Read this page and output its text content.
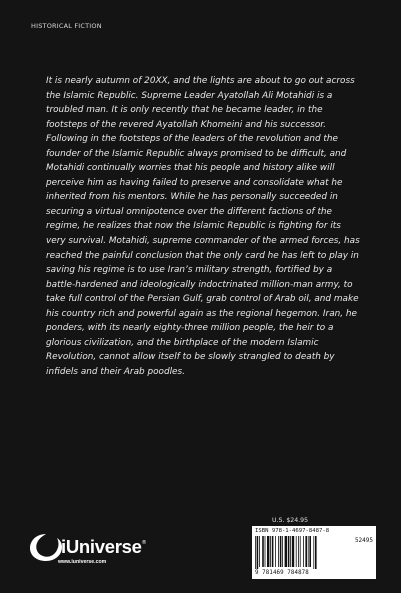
HISTORICAL FICTION

It is nearly autumn of 20XX, and the lights are about to go out across the Islamic Republic. Supreme Leader Ayatollah Ali Motahidi is a troubled man. It is only recently that he became leader, in the footsteps of the revered Ayatollah Khomeini and his successor. Following in the footsteps of the leaders of the revolution and the founder of the Islamic Republic always promised to be difficult, and Motahidi continually worries that his people and history alike will perceive him as having failed to preserve and consolidate what he inherited from his mentors. While he has personally succeeded in securing a virtual omnipotence over the different factions of the regime, he realizes that now the Islamic Republic is fighting for its very survival. Motahidi, supreme commander of the armed forces, has reached the painful conclusion that the only card he has left to play in saving his regime is to use Iran’s military strength, fortified by a battle-hardened and ideologically indoctrinated million-man army, to take full control of the Persian Gulf, grab control of Arab oil, and make his country rich and powerful again as the regional hegemon. Iran, he ponders, with its nearly eighty-three million people, the heir to a glorious civilization, and the birthplace of the modern Islamic Revolution, cannot allow itself to be slowly strangled to death by infidels and their Arab poodles.

U.S. $24.95
ISBN 978-1-4697-8487-8
52495
9 781469 784878
iUniverse ®
www.iuniverse.com
